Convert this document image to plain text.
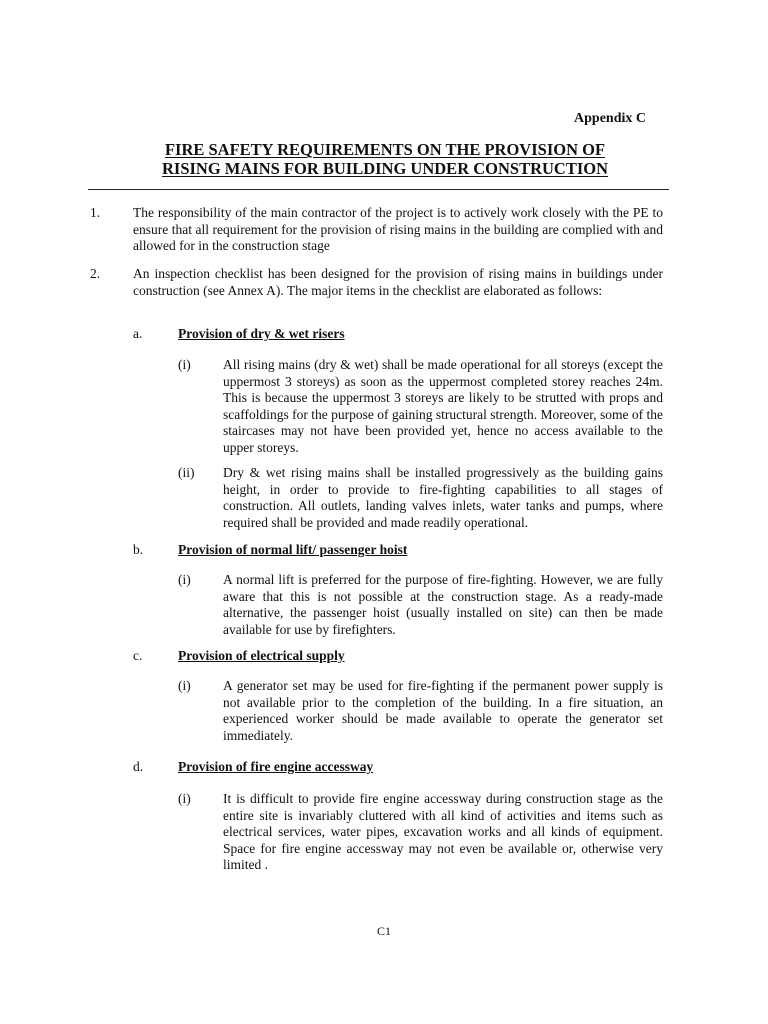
Appendix C
FIRE SAFETY REQUIREMENTS ON THE PROVISION OF
RISING MAINS FOR BUILDING UNDER CONSTRUCTION
1. The responsibility of the main contractor of the project is to actively work closely with the PE to ensure that all requirement for the provision of rising mains in the building are complied with and allowed for in the construction stage
2. An inspection checklist has been designed for the provision of rising mains in buildings under construction (see Annex A). The major items in the checklist are elaborated as follows:
a.	Provision of dry & wet risers
(i) All rising mains (dry & wet) shall be made operational for all storeys (except the uppermost 3 storeys) as soon as the uppermost completed storey reaches 24m. This is because the uppermost 3 storeys are likely to be strutted with props and scaffoldings for the purpose of gaining structural strength. Moreover, some of the staircases may not have been provided yet, hence no access available to the upper storeys.
(ii) Dry & wet rising mains shall be installed progressively as the building gains height, in order to provide to fire-fighting capabilities to all stages of construction. All outlets, landing valves inlets, water tanks and pumps, where required shall be provided and made readily operational.
b.	Provision of normal lift/ passenger hoist
(i) A normal lift is preferred for the purpose of fire-fighting. However, we are fully aware that this is not possible at the construction stage. As a ready-made alternative, the passenger hoist (usually installed on site) can then be made available for use by firefighters.
c.	Provision of electrical supply
(i) A generator set may be used for fire-fighting if the permanent power supply is not available prior to the completion of the building. In a fire situation, an experienced worker should be made available to operate the generator set immediately.
d.	Provision of fire engine accessway
(i) It is difficult to provide fire engine accessway during construction stage as the entire site is invariably cluttered with all kind of activities and items such as electrical services, water pipes, excavation works and all kinds of equipment. Space for fire engine accessway may not even be available or, otherwise very limited .
C1
